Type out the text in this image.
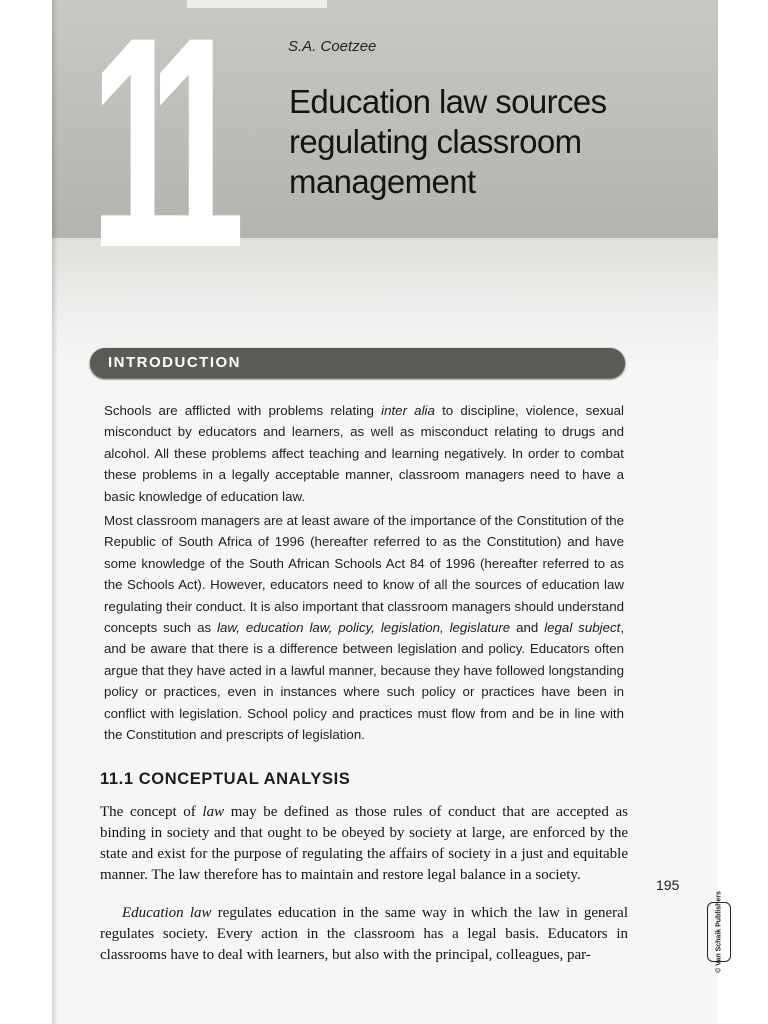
11	S.A. Coetzee
Education law sources regulating classroom management
INTRODUCTION

Schools are afflicted with problems relating inter alia to discipline, violence, sexual misconduct by educators and learners, as well as misconduct relating to drugs and alcohol. All these problems affect teaching and learning negatively. In order to combat these problems in a legally acceptable manner, classroom managers need to have a basic knowledge of education law.

Most classroom managers are at least aware of the importance of the Constitution of the Republic of South Africa of 1996 (hereafter referred to as the Constitution) and have some knowledge of the South African Schools Act 84 of 1996 (hereafter referred to as the Schools Act). However, educators need to know of all the sources of education law regulating their conduct. It is also important that classroom managers should understand concepts such as law, education law, policy, legislation, legislature and legal subject, and be aware that there is a difference between legislation and policy. Educators often argue that they have acted in a lawful manner, because they have followed longstanding policy or practices, even in instances where such policy or practices have been in conflict with legislation. School policy and practices must flow from and be in line with the Constitution and prescripts of legislation.

11.1 CONCEPTUAL ANALYSIS

The concept of law may be defined as those rules of conduct that are accepted as binding in society and that ought to be obeyed by society at large, are enforced by the state and exist for the purpose of regulating the affairs of society in a just and equitable manner. The law therefore has to maintain and restore legal balance in a society.

Education law regulates education in the same way in which the law in general regulates society. Every action in the classroom has a legal basis. Educators in classrooms have to deal with learners, but also with the principal, colleagues, par-

195
© Van Schaik Publishers
